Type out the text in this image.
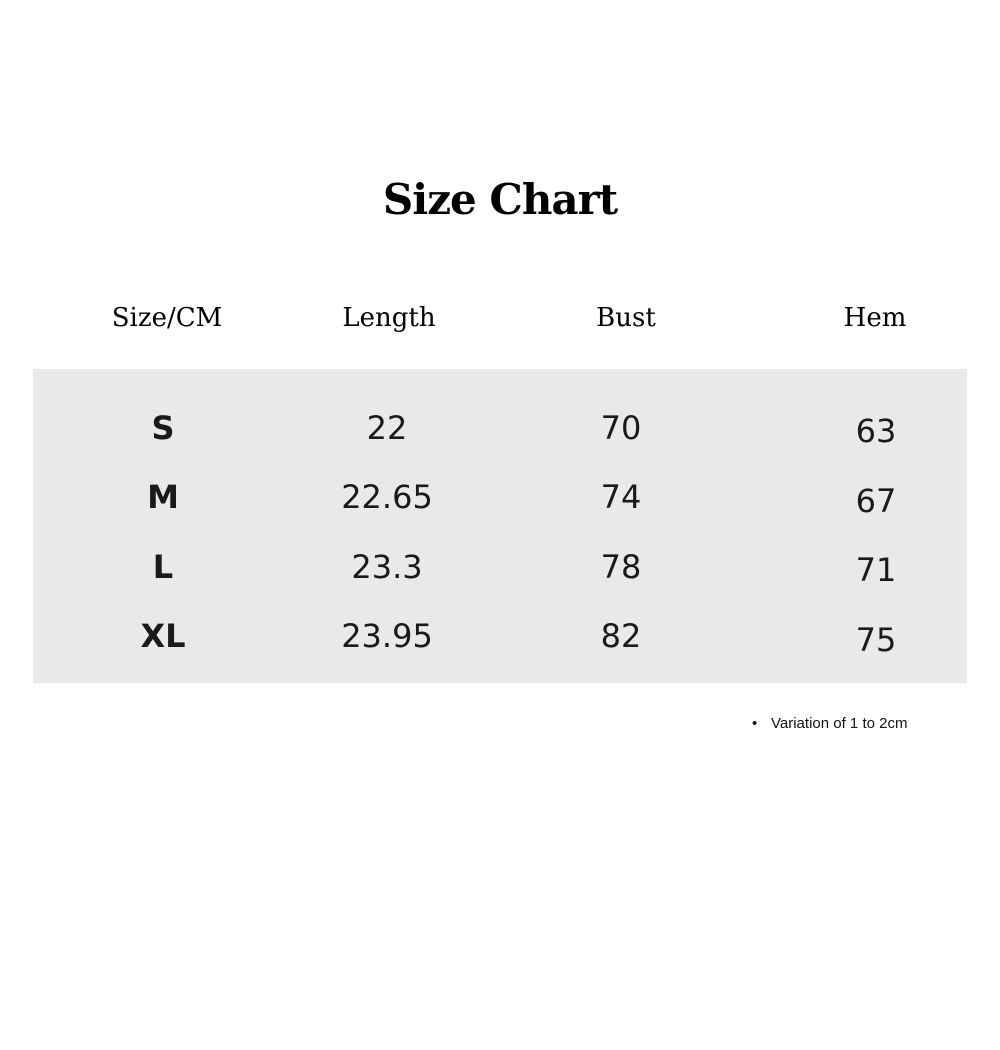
Size Chart
Size/CM	Length	Bust	Hem
S	22	70	63
M	22.65	74	67
L	23.3	78	71
XL	23.95	82	75
• Variation of 1 to 2cm
